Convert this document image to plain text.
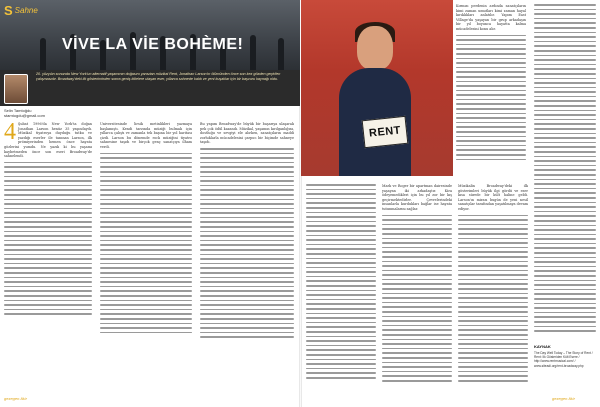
S Sahne
VİVE LA VİE BOHÈME!
20. yüzyılın sonunda New York'un alternatif yaşamının doğasını yansıtan müzikal Rent, Jonathan Larson'ın ölümünden önce son kez gözden geçirilen çalışmasıdır. Broadway'deki ilk gösteriminden sonra geniş kitlelere ulaşan eser, yıllarca sahnede kaldı ve yeni kuşaklar için bir başvuru kaynağı oldu.
Selin Tamtoğdu
stamtogdu@gmail.com

4 Şubat 1996'da New York'ta doğan Jonathan Larson henüz 35 yaşındaydı. Müzikal tiyatroya duyduğu tutku ve yazdığı eserler ile tanınan Larson, ilk prömiyerinden hemen önce hayata gözlerini yumdu. Ne yazık ki bu yaşamı kaybetmeden önce son eseri Broadway'de sahnelendi.

Universitesinde lirsik metinlikleri yazmaya başlamıştı. Kendi tarzında müziği bulmak için yıllarca çalıştı ve zamanla tek başına bir yol haritası çizdi. Larson bu dönemde rock müziğini tiyatro sahnesine taşıdı ve birçok genç sanatçıya ilham verdi.

Bu yapım Broadway'de büyük bir başarıya ulaşarak pek çok ödül kazandı. Müzikal, yaşamın kırılganlığını, dostluğu ve sevgiyi ele alırken, sanatçıların maddi zorluklarla mücadelesini çarpıcı bir biçimde sahneye taşıdı.

RENT

Kırmızı perdenin ardında sanatçıların kimi zaman umutları kimi zaman hayal kırıklıkları anlatılır. Yapım East Village'da yaşayan bir grup arkadaşın bir yıl boyunca hayatta kalma mücadelesini konu alır.

Mark ve Roger bir apartman dairesinde yaşayan iki arkadaştır. Kira ödeyemedikleri için bu yıl zor bir kış geçirmektedirler. Çevrelerindeki insanlarla kurdukları bağlar ise hayata tutunmalarını sağlar.

Müzikalin Broadway'deki ilk gösterimleri büyük ilgi gördü ve eser kısa sürede bir kült haline geldi. Larson'ın mirası bugün de yeni nesil sanatçılar tarafından yaşatılmaya devam ediyor.

KAYNAK
The Day Well Today – The Story of Rent / Rent: İlk Gösteriden Kült Esere / http://www.rentmusical.com/ / www.siteadi.org/rent-broadway.php
gezegen-fikir	gezegen-fikir
